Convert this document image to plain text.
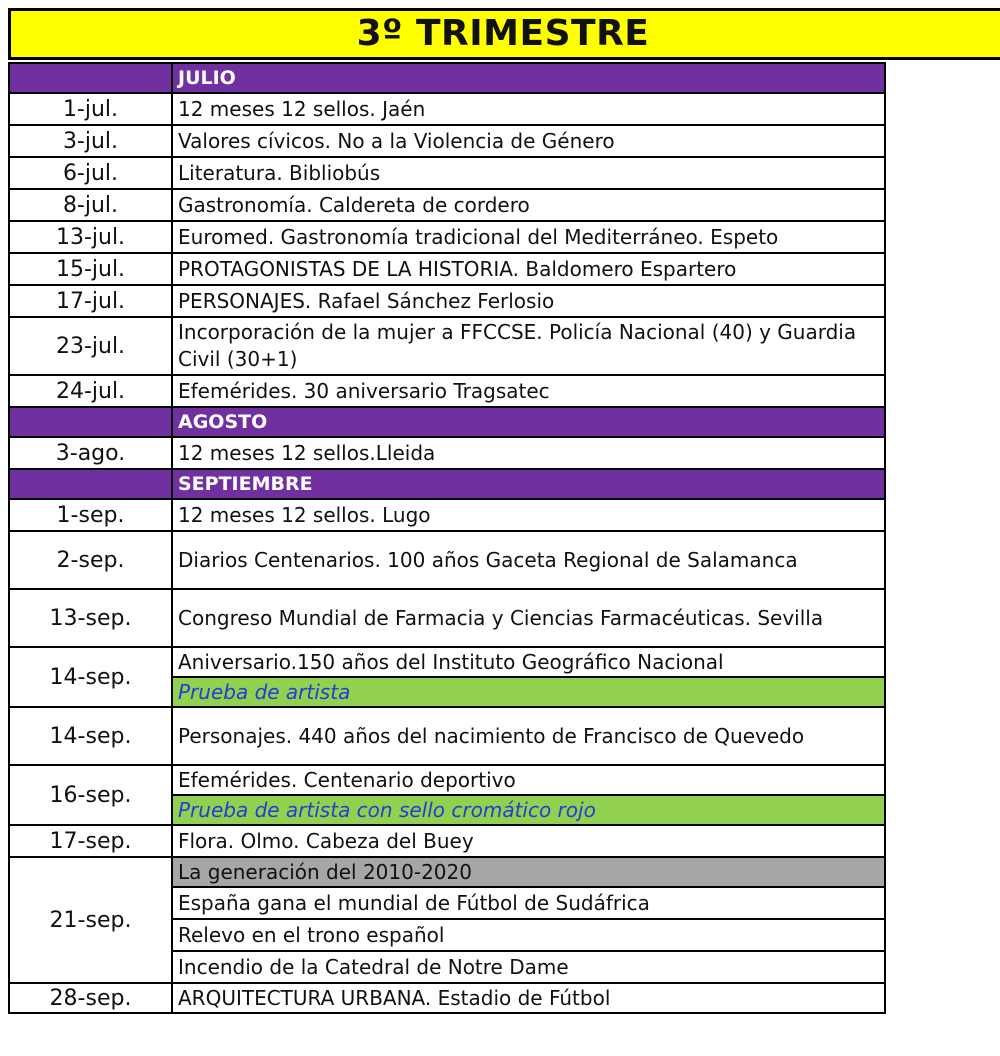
3º TRIMESTRE
	JULIO
1-jul.	12 meses 12 sellos. Jaén
3-jul.	Valores cívicos. No a la Violencia de Género
6-jul.	Literatura. Bibliobús
8-jul.	Gastronomía. Caldereta de cordero
13-jul.	Euromed. Gastronomía tradicional del Mediterráneo. Espeto
15-jul.	PROTAGONISTAS DE LA HISTORIA. Baldomero Espartero
17-jul.	PERSONAJES. Rafael Sánchez Ferlosio
23-jul.	Incorporación de la mujer a FFCCSE. Policía Nacional (40) y Guardia Civil (30+1)
24-jul.	Efemérides. 30 aniversario Tragsatec
	AGOSTO
3-ago.	12 meses 12 sellos.Lleida
	SEPTIEMBRE
1-sep.	12 meses 12 sellos. Lugo
2-sep.	Diarios Centenarios. 100 años Gaceta Regional de Salamanca
13-sep.	Congreso Mundial de Farmacia y Ciencias Farmacéuticas. Sevilla
14-sep.	Aniversario.150 años del Instituto Geográfico Nacional
	Prueba de artista
14-sep.	Personajes. 440 años del nacimiento de Francisco de Quevedo
16-sep.	Efemérides. Centenario deportivo
	Prueba de artista con sello cromático rojo
17-sep.	Flora. Olmo. Cabeza del Buey
21-sep.	La generación del 2010-2020
	España gana el mundial de Fútbol de Sudáfrica
	Relevo en el trono español
	Incendio de la Catedral de Notre Dame
28-sep.	ARQUITECTURA URBANA. Estadio de Fútbol
